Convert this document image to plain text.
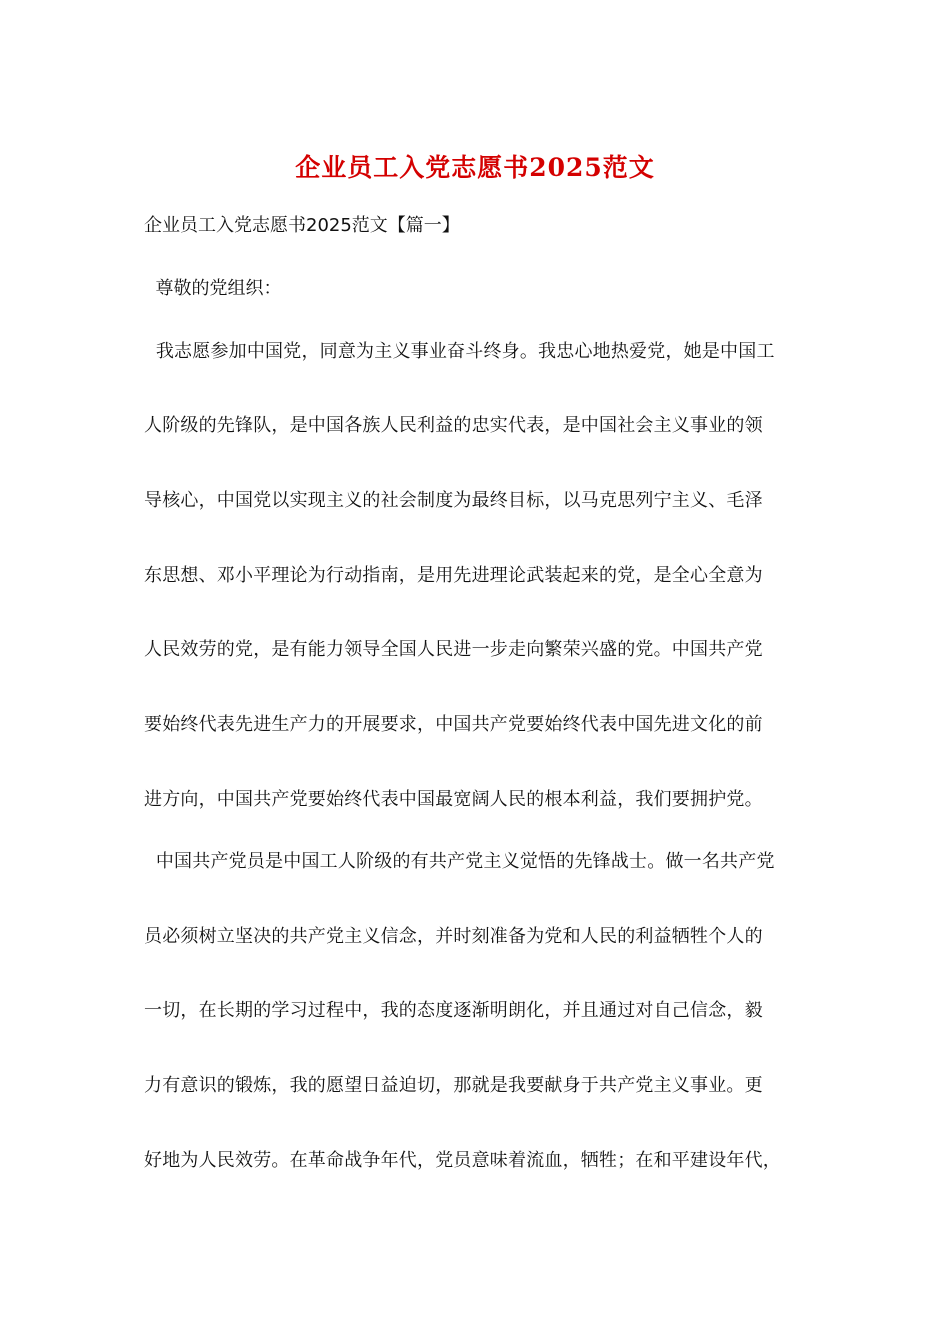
企业员工入党志愿书2025范文

企业员工入党志愿书2025范文【篇一】

尊敬的党组织：

我志愿参加中国党，同意为主义事业奋斗终身。我忠心地热爱党，她是中国工

人阶级的先锋队，是中国各族人民利益的忠实代表，是中国社会主义事业的领

导核心，中国党以实现主义的社会制度为最终目标，以马克思列宁主义、毛泽

东思想、邓小平理论为行动指南，是用先进理论武装起来的党，是全心全意为

人民效劳的党，是有能力领导全国人民进一步走向繁荣兴盛的党。中国共产党

要始终代表先进生产力的开展要求，中国共产党要始终代表中国先进文化的前

进方向，中国共产党要始终代表中国最宽阔人民的根本利益，我们要拥护党。

中国共产党员是中国工人阶级的有共产党主义觉悟的先锋战士。做一名共产党

员必须树立坚决的共产党主义信念，并时刻准备为党和人民的利益牺牲个人的

一切，在长期的学习过程中，我的态度逐渐明朗化，并且通过对自己信念，毅

力有意识的锻炼，我的愿望日益迫切，那就是我要献身于共产党主义事业。更

好地为人民效劳。在革命战争年代，党员意味着流血，牺牲；在和平建设年代，
